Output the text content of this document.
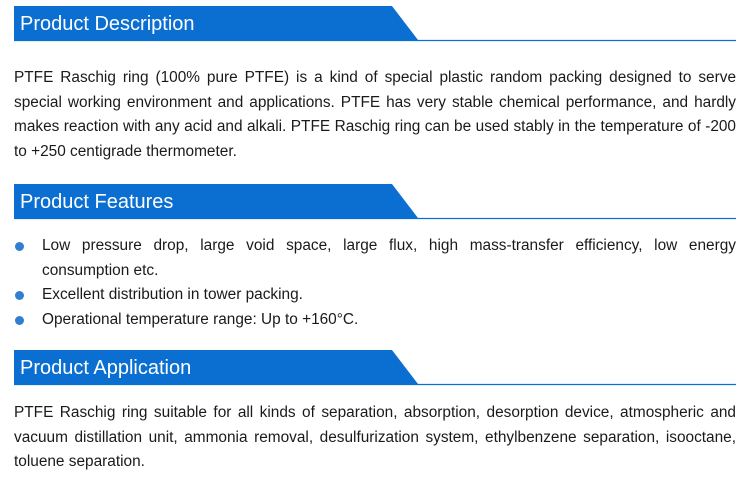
Product Description
PTFE Raschig ring (100% pure PTFE) is a kind of special plastic random packing designed to serve special working environment and applications. PTFE has very stable chemical performance, and hardly makes reaction with any acid and alkali. PTFE Raschig ring can be used stably in the temperature of -200 to +250 centigrade thermometer.
Product Features
Low pressure drop, large void space, large flux, high mass-transfer efficiency, low energy consumption etc.
Excellent distribution in tower packing.
Operational temperature range: Up to +160°C.
Product Application
PTFE Raschig ring suitable for all kinds of separation, absorption, desorption device, atmospheric and vacuum distillation unit, ammonia removal, desulfurization system, ethylbenzene separation, isooctane, toluene separation.
